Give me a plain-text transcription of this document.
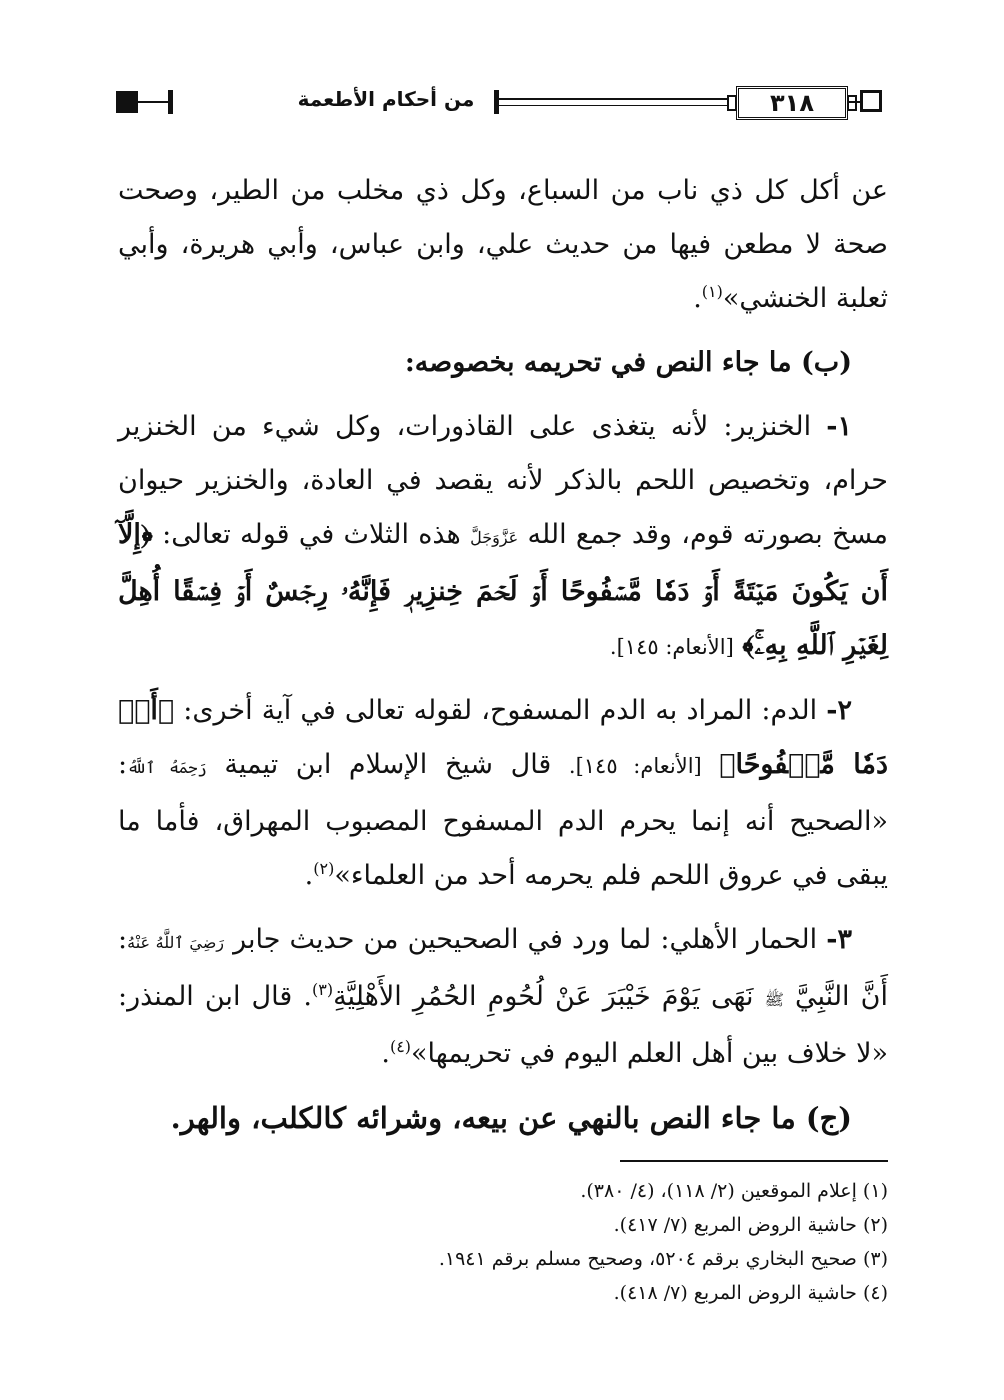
من أحكام الأطعمة	٣١٨

عن أكل كل ذي ناب من السباع، وكل ذي مخلب من الطير، وصحت صحة لا مطعن فيها من حديث علي، وابن عباس، وأبي هريرة، وأبي ثعلبة الخنشي»$^{(١)}$.

(ب) ما جاء النص في تحريمه بخصوصه:

١- الخنزير: لأنه يتغذى على القاذورات، وكل شيء من الخنزير حرام، وتخصيص اللحم بالذكر لأنه يقصد في العادة، والخنزير حيوان مسخ بصورته قوم، وقد جمع الله عَزَّوَجَلَّ هذه الثلاث في قوله تعالى: ﴿إِلَّآ أَن يَكُونَ مَيۡتَةً أَوۡ دَمٗا مَّسۡفُوحًا أَوۡ لَحۡمَ خِنزِيرٖ فَإِنَّهُۥ رِجۡسٌ أَوۡ فِسۡقًا أُهِلَّ لِغَيۡرِ ٱللَّهِ بِهِۦۚ﴾ [الأنعام: ١٤٥].

٢- الدم: المراد به الدم المسفوح، لقوله تعالى في آية أخرى: ﴿أَوۡ دَمٗا مَّسۡفُوحًا﴾ [الأنعام: ١٤٥]. قال شيخ الإسلام ابن تيمية رَحِمَهُ ٱللَّهُ: «الصحيح أنه إنما يحرم الدم المسفوح المصبوب المهراق، فأما ما يبقى في عروق اللحم فلم يحرمه أحد من العلماء»$^{(٢)}$.

٣- الحمار الأهلي: لما ورد في الصحيحين من حديث جابر رَضِيَ ٱللَّهُ عَنْهُ: أَنَّ النَّبِيَّ ﷺ نَهَى يَوْمَ خَيْبَرَ عَنْ لُحُومِ الحُمُرِ الأَهْلِيَّةِ$^{(٣)}$. قال ابن المنذر: «لا خلاف بين أهل العلم اليوم في تحريمها»$^{(٤)}$.

(ج) ما جاء النص بالنهي عن بيعه، وشرائه كالكلب، والهر.

(١) إعلام الموقعين (٢/ ١١٨)، (٤/ ٣٨٠).

(٢) حاشية الروض المربع (٧/ ٤١٧).

(٣) صحيح البخاري برقم ٥٢٠٤، وصحيح مسلم برقم ١٩٤١.

(٤) حاشية الروض المربع (٧/ ٤١٨).
